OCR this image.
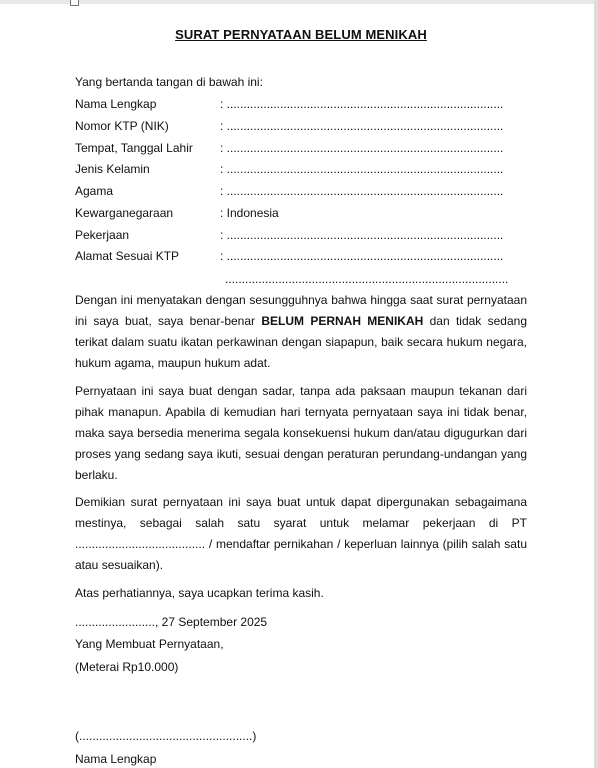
SURAT PERNYATAAN BELUM MENIKAH
Yang bertanda tangan di bawah ini:
Nama Lengkap	: ...................................................................................
Nomor KTP (NIK)	: ...................................................................................
Tempat, Tanggal Lahir : ...................................................................................
Jenis Kelamin	: ...................................................................................
Agama	: ...................................................................................
Kewarganegaraan	: Indonesia
Pekerjaan	: ...................................................................................
Alamat Sesuai KTP	: ...................................................................................
.....................................................................................
Dengan ini menyatakan dengan sesungguhnya bahwa hingga saat surat pernyataan ini saya buat, saya benar-benar BELUM PERNAH MENIKAH dan tidak sedang terikat dalam suatu ikatan perkawinan dengan siapapun, baik secara hukum negara, hukum agama, maupun hukum adat.
Pernyataan ini saya buat dengan sadar, tanpa ada paksaan maupun tekanan dari pihak manapun. Apabila di kemudian hari ternyata pernyataan saya ini tidak benar, maka saya bersedia menerima segala konsekuensi hukum dan/atau digugurkan dari proses yang sedang saya ikuti, sesuai dengan peraturan perundang-undangan yang berlaku.
Demikian surat pernyataan ini saya buat untuk dapat dipergunakan sebagaimana mestinya, sebagai salah satu syarat untuk melamar pekerjaan di PT ....................................... / mendaftar pernikahan / keperluan lainnya (pilih salah satu atau sesuaikan).
Atas perhatiannya, saya ucapkan terima kasih.
........................, 27 September 2025
Yang Membuat Pernyataan,
(Meterai Rp10.000)
(....................................................)
Nama Lengkap
